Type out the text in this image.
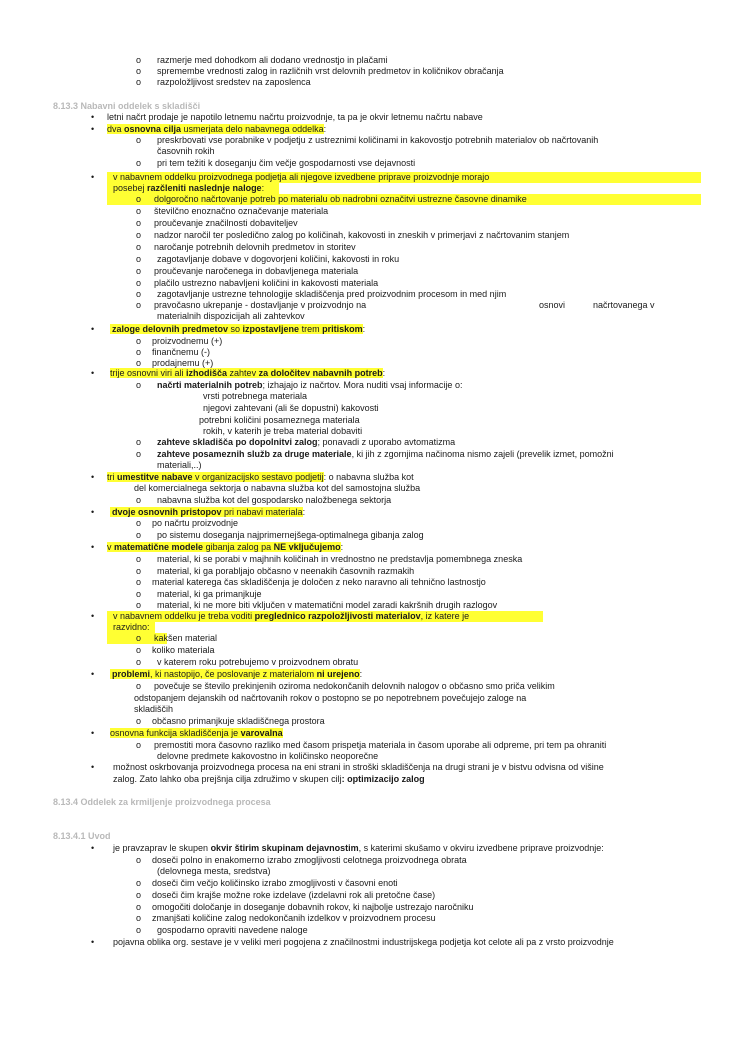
o razmerje med dohodkom ali dodano vrednostjo in plačami
o spremembe vrednosti zalog in različnih vrst delovnih predmetov in količnikov obračanja
o razpoložljivost sredstev na zaposlenca
8.13.3 Nabavni oddelek s skladišči
• letni načrt prodaje je napotilo letnemu načrtu proizvodnje, ta pa je okvir letnemu načrtu nabave
• dva osnovna cilja usmerjata delo nabavnega oddelka:
o preskrbovati vse porabnike v podjetju z ustreznimi količinami in kakovostjo potrebnih materialov ob načrtovanih
časovnih rokih
o pri tem težiti k doseganju čim večje gospodarnosti vse dejavnosti
• v nabavnem oddelku proizvodnega podjetja ali njegove izvedbene priprave proizvodnje morajo
posebej razčleniti naslednje naloge:
o dolgoročno načrtovanje potreb po materialu ob nadrobni označitvi ustrezne časovne dinamike
o številčno enoznačno označevanje materiala
o proučevanje značilnosti dobaviteljev
o nadzor naročil ter posledično zalog po količinah, kakovosti in zneskih v primerjavi z načrtovanim stanjem
o naročanje potrebnih delovnih predmetov in storitev
o zagotavljanje dobave v dogovorjeni količini, kakovosti in roku
o proučevanje naročenega in dobavljenega materiala
o plačilo ustrezno nabavljeni količini in kakovosti materiala
o zagotavljanje ustrezne tehnologije skladiščenja pred proizvodnim procesom in med njim
o pravočasno ukrepanje - dostavljanje v proizvodnjo na	osnovi	načrtovanega v
materialnih dispozicijah ali zahtevkov
• zaloge delovnih predmetov so izpostavljene trem pritiskom:
o proizvodnemu (+)
o finančnemu (-)
o prodajnemu (+)
• trije osnovni viri ali izhodišča zahtev za določitev nabavnih potreb:
o načrti materialnih potreb; izhajajo iz načrtov. Mora nuditi vsaj informacije o:
vrsti potrebnega materiala
njegovi zahtevani (ali še dopustni) kakovosti
potrebni količini posameznega materiala
rokih, v katerih je treba material dobaviti
o zahteve skladišča po dopolnitvi zalog; ponavadi z uporabo avtomatizma
o zahteve posameznih služb za druge materiale, ki jih z zgornjima načinoma nismo zajeli (prevelik izmet, pomožni
materiali,..)
• tri umestitve nabave v organizacijsko sestavo podjetij: o nabavna služba kot
del komercialnega sektorja o nabavna služba kot del samostojna služba
o nabavna služba kot del gospodarsko naložbenega sektorja
• dvoje osnovnih pristopov pri nabavi materiala:
o po načrtu proizvodnje
o po sistemu doseganja najprimernejšega-optimalnega gibanja zalog
• v matematične modele gibanja zalog pa NE vključujemo:
o material, ki se porabi v majhnih količinah in vrednostno ne predstavlja pomembnega zneska
o material, ki ga porabljajo občasno v neenakih časovnih razmakih
o material katerega čas skladiščenja je določen z neko naravno ali tehnično lastnostjo
o material, ki ga primanjkuje
o material, ki ne more biti vključen v matematični model zaradi kakršnih drugih razlogov
• v nabavnem oddelku je treba voditi preglednico razpoložljivosti materialov, iz katere je
razvidno:
o kakšen material
o koliko materiala
o v katerem roku potrebujemo v proizvodnem obratu
• problemi, ki nastopijo, če poslovanje z materialom ni urejeno:
o povečuje se število prekinjenih oziroma nedokončanih delovnih nalogov o občasno smo priča velikim
odstopanjem dejanskih od načrtovanih rokov o postopno se po nepotrebnem povečujejo zaloge na
skladiščih
o občasno primanjkuje skladiščnega prostora
• osnovna funkcija skladiščenja je varovalna
o premostiti mora časovno razliko med časom prispetja materiala in časom uporabe ali odpreme, pri tem pa ohraniti
delovne predmete kakovostno in količinsko neoporečne
• možnost oskrbovanja proizvodnega procesa na eni strani in stroški skladiščenja na drugi strani je v bistvu odvisna od višine
zalog. Zato lahko oba prejšnja cilja združimo v skupen cilj: optimizacijo zalog
8.13.4 Oddelek za krmiljenje proizvodnega procesa
8.13.4.1 Uvod
• je pravzaprav le skupen okvir štirim skupinam dejavnostim, s katerimi skušamo v okviru izvedbene priprave proizvodnje:
o doseči polno in enakomerno izrabo zmogljivosti celotnega proizvodnega obrata
(delovnega mesta, sredstva)
o doseči čim večjo količinsko izrabo zmogljivosti v časovni enoti
o doseči čim krajše možne roke izdelave (izdelavni rok ali pretočne čase)
o omogočiti določanje in doseganje dobavnih rokov, ki najbolje ustrezajo naročniku
o zmanjšati količine zalog nedokončanih izdelkov v proizvodnem procesu
o gospodarno opraviti navedene naloge
• pojavna oblika org. sestave je v veliki meri pogojena z značilnostmi industrijskega podjetja kot celote ali pa z vrsto proizvodnje
